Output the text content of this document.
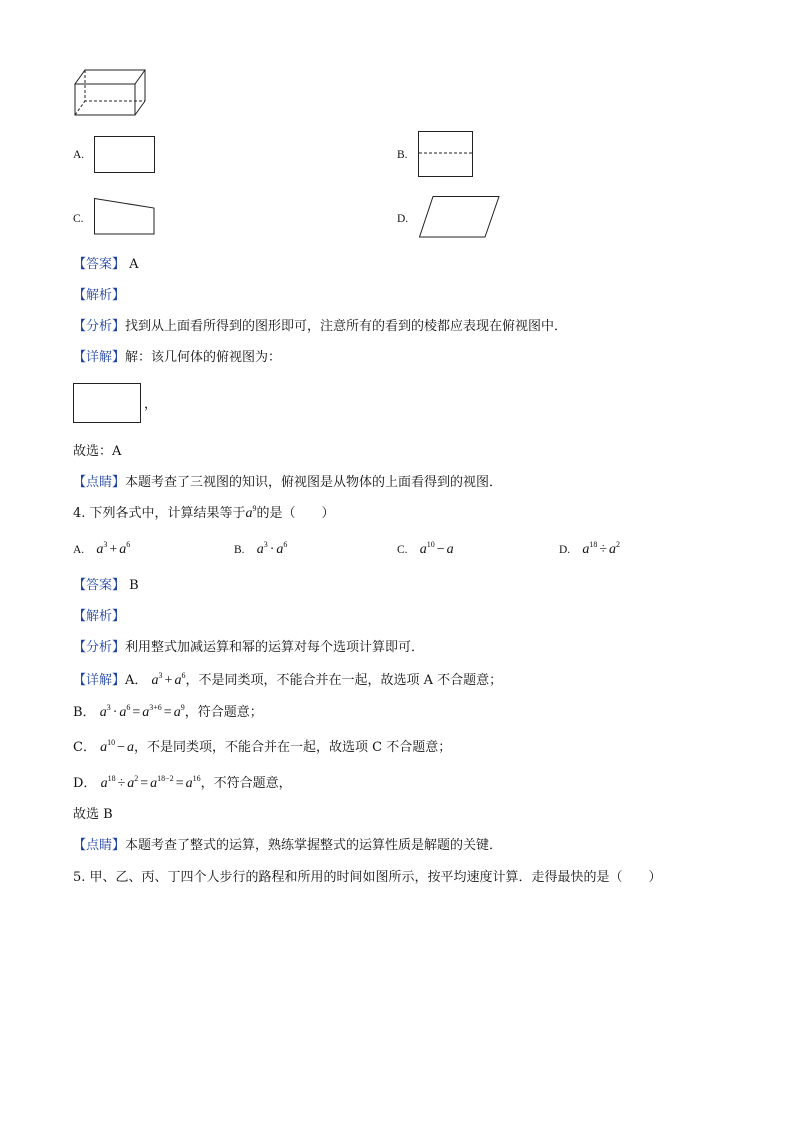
A.	B.
C.	D.
【答案】 A
【解析】
【分析】找到从上面看所得到的图形即可，注意所有的看到的棱都应表现在俯视图中．
【详解】解：该几何体的俯视图为：
，
故选：A
【点睛】本题考查了三视图的知识，俯视图是从物体的上面看得到的视图．
4. 下列各式中，计算结果等于$a^9$的是（　　）
A. $a^3 + a^6$	B. $a^3 \cdot a^6$	C. $a^{10} - a$	D. $a^{18} \div a^2$
【答案】 B
【解析】
【分析】利用整式加减运算和幂的运算对每个选项计算即可．
【详解】A． $a^3 + a^6$，不是同类项，不能合并在一起，故选项 A 不合题意；
B． $a^3 \cdot a^6 = a^{3+6} = a^9$，符合题意；
C． $a^{10} - a$，不是同类项，不能合并在一起，故选项 C 不合题意；
D． $a^{18} \div a^2 = a^{18-2} = a^{16}$，不符合题意，
故选 B
【点睛】本题考查了整式的运算，熟练掌握整式的运算性质是解题的关键．
5. 甲、乙、丙、丁四个人步行的路程和所用的时间如图所示，按平均速度计算．走得最快的是（　　）
